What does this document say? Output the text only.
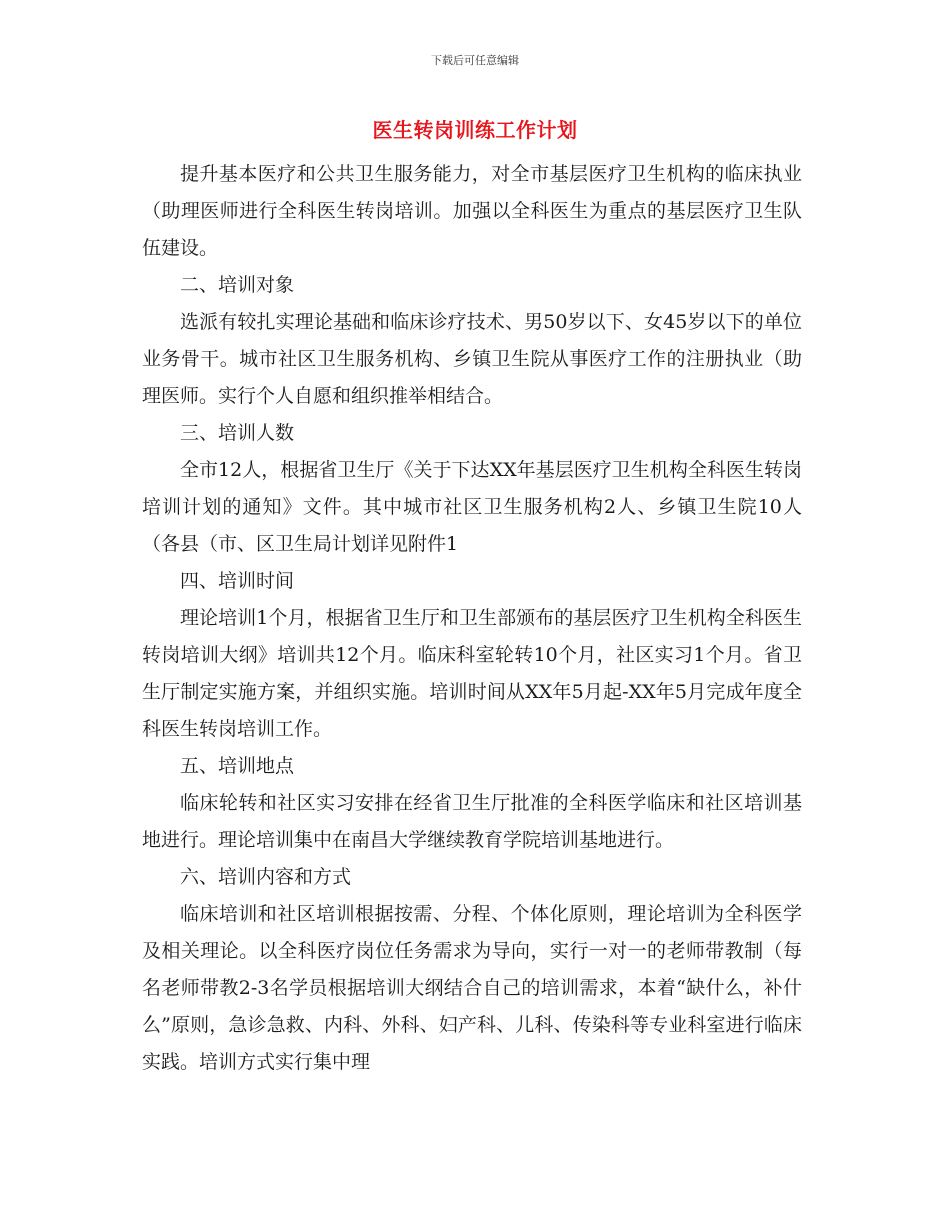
下载后可任意编辑
医生转岗训练工作计划

提升基本医疗和公共卫生服务能力，对全市基层医疗卫生机构的临床执业（助理医师进行全科医生转岗培训。加强以全科医生为重点的基层医疗卫生队伍建设。

二、培训对象

选派有较扎实理论基础和临床诊疗技术、男50岁以下、女45岁以下的单位业务骨干。城市社区卫生服务机构、乡镇卫生院从事医疗工作的注册执业（助理医师。实行个人自愿和组织推举相结合。

三、培训人数

全市12人，根据省卫生厅《关于下达XX年基层医疗卫生机构全科医生转岗培训计划的通知》文件。其中城市社区卫生服务机构2人、乡镇卫生院10人（各县（市、区卫生局计划详见附件1

四、培训时间

理论培训1个月，根据省卫生厅和卫生部颁布的基层医疗卫生机构全科医生转岗培训大纲》培训共12个月。临床科室轮转10个月，社区实习1个月。省卫生厅制定实施方案，并组织实施。培训时间从XX年5月起-XX年5月完成年度全科医生转岗培训工作。

五、培训地点

临床轮转和社区实习安排在经省卫生厅批准的全科医学临床和社区培训基地进行。理论培训集中在南昌大学继续教育学院培训基地进行。

六、培训内容和方式

临床培训和社区培训根据按需、分程、个体化原则，理论培训为全科医学及相关理论。以全科医疗岗位任务需求为导向，实行一对一的老师带教制（每名老师带教2-3名学员根据培训大纲结合自己的培训需求，本着“缺什么，补什么”原则，急诊急救、内科、外科、妇产科、儿科、传染科等专业科室进行临床实践。培训方式实行集中理
